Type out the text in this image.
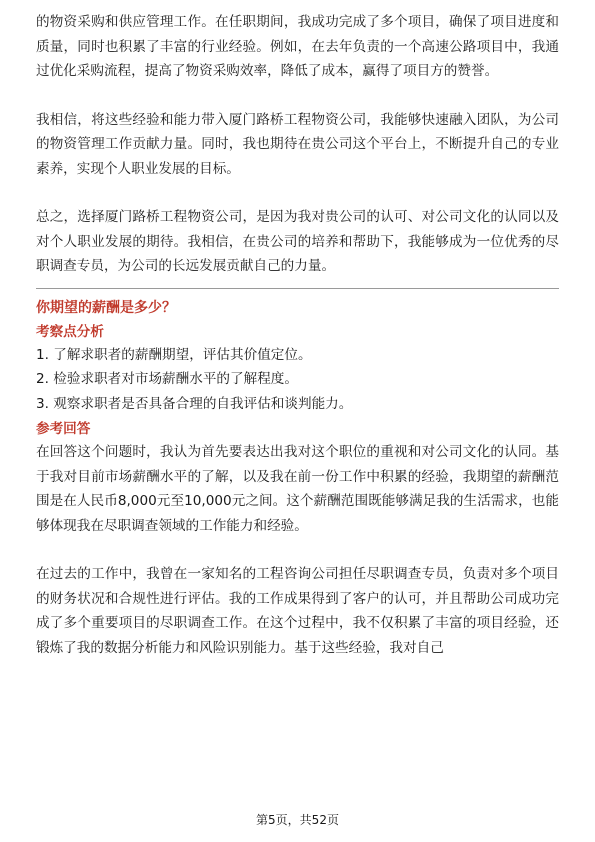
的物资采购和供应管理工作。在任职期间，我成功完成了多个项目，确保了项目进度和质量，同时也积累了丰富的行业经验。例如，在去年负责的一个高速公路项目中，我通过优化采购流程，提高了物资采购效率，降低了成本，赢得了项目方的赞誉。

我相信，将这些经验和能力带入厦门路桥工程物资公司，我能够快速融入团队，为公司的物资管理工作贡献力量。同时，我也期待在贵公司这个平台上，不断提升自己的专业素养，实现个人职业发展的目标。

总之，选择厦门路桥工程物资公司，是因为我对贵公司的认可、对公司文化的认同以及对个人职业发展的期待。我相信，在贵公司的培养和帮助下，我能够成为一位优秀的尽职调查专员，为公司的长远发展贡献自己的力量。

你期望的薪酬是多少？

考察点分析

1. 了解求职者的薪酬期望，评估其价值定位。

2. 检验求职者对市场薪酬水平的了解程度。

3. 观察求职者是否具备合理的自我评估和谈判能力。

参考回答

在回答这个问题时，我认为首先要表达出我对这个职位的重视和对公司文化的认同。基于我对目前市场薪酬水平的了解，以及我在前一份工作中积累的经验，我期望的薪酬范围是在人民币8,000元至10,000元之间。这个薪酬范围既能够满足我的生活需求，也能够体现我在尽职调查领域的工作能力和经验。

在过去的工作中，我曾在一家知名的工程咨询公司担任尽职调查专员，负责对多个项目的财务状况和合规性进行评估。我的工作成果得到了客户的认可，并且帮助公司成功完成了多个重要项目的尽职调查工作。在这个过程中，我不仅积累了丰富的项目经验，还锻炼了我的数据分析能力和风险识别能力。基于这些经验，我对自己

第5页，共52页
